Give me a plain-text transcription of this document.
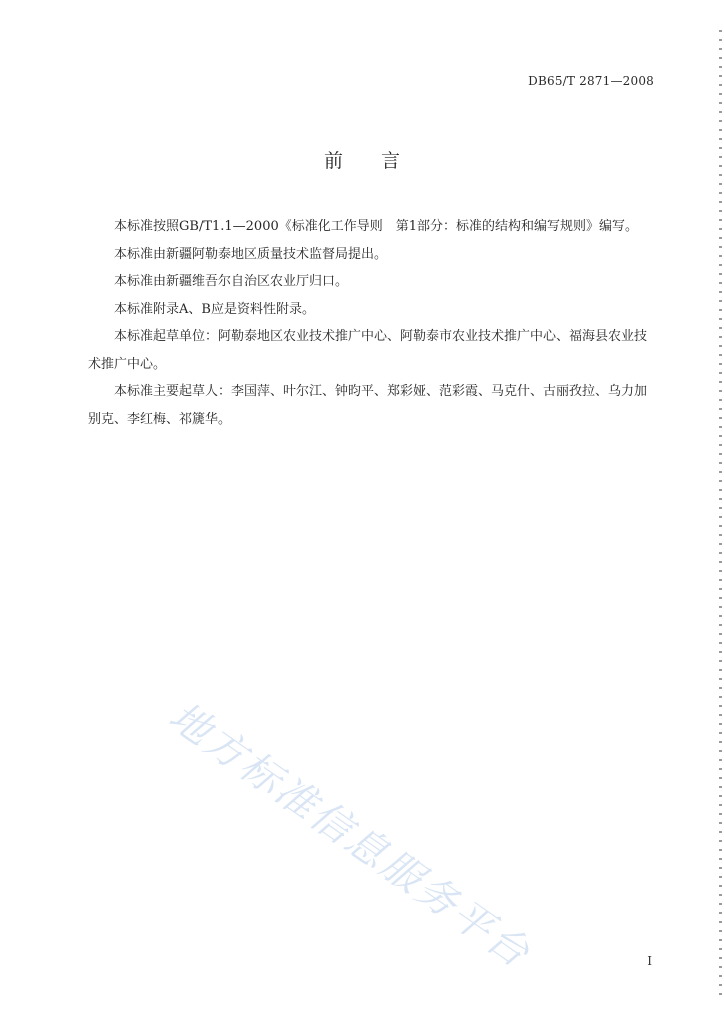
DB65/T 2871—2008
前言

本标准按照GB/T1.1—2000《标准化工作导则　第1部分：标准的结构和编写规则》编写。

本标准由新疆阿勒泰地区质量技术监督局提出。

本标准由新疆维吾尔自治区农业厅归口。

本标准附录A、B应是资料性附录。

本标准起草单位：阿勒泰地区农业技术推广中心、阿勒泰市农业技术推广中心、福海县农业技术推广中心。

本标准主要起草人：李国萍、叶尔江、钟昀平、郑彩娅、范彩霞、马克什、古丽孜拉、乌力加别克、李红梅、祁篪华。

地方标准信息服务平台	I
